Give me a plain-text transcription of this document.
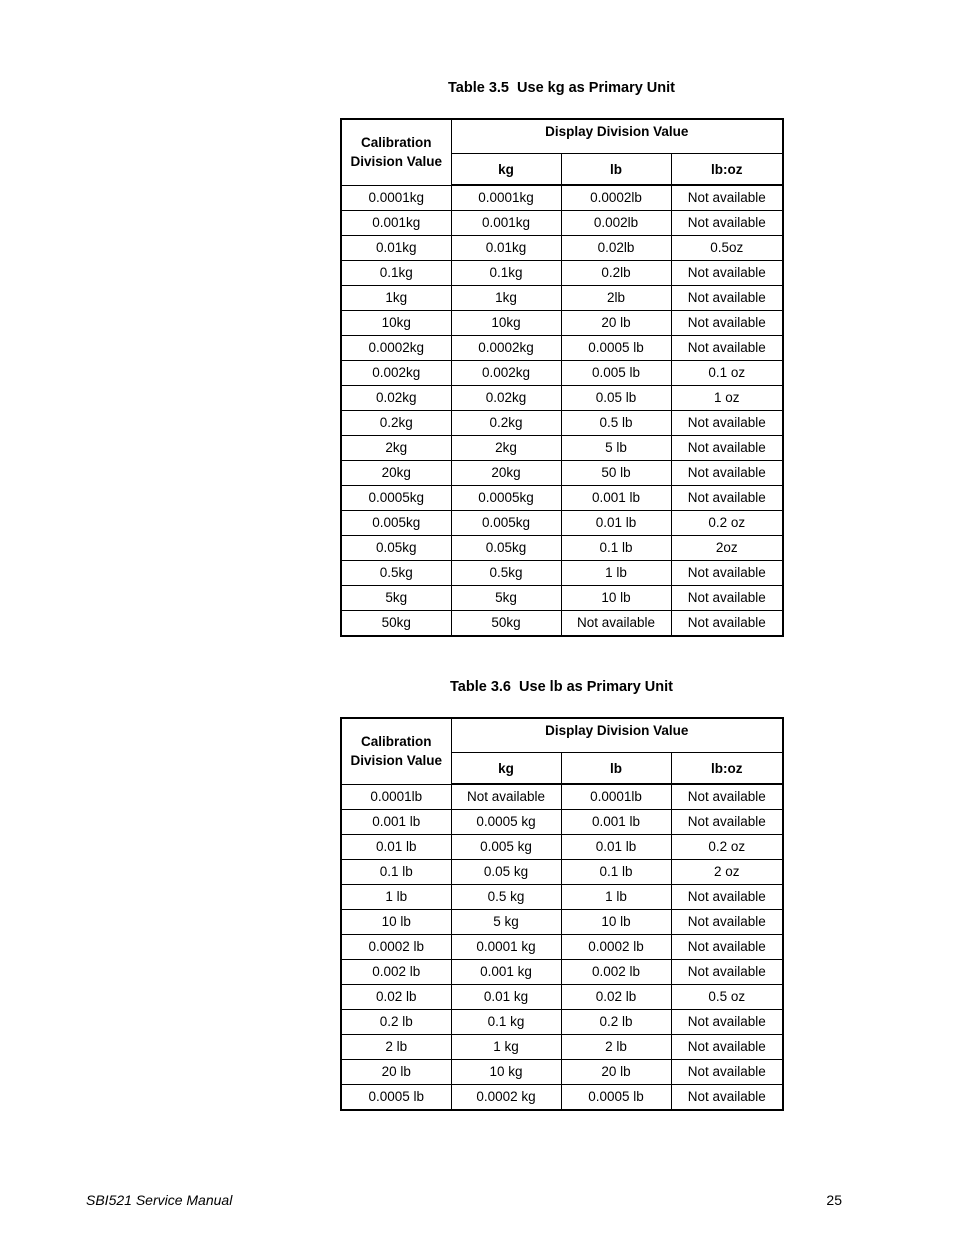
Table 3.5  Use kg as Primary Unit
Calibration
Division Value	Display Division Value		
	kg	lb	lb:oz
0.0001kg	0.0001kg	0.0002lb	Not available
0.001kg	0.001kg	0.002lb	Not available
0.01kg	0.01kg	0.02lb	0.5oz
0.1kg	0.1kg	0.2lb	Not available
1kg	1kg	2lb	Not available
10kg	10kg	20 lb	Not available
0.0002kg	0.0002kg	0.0005 lb	Not available
0.002kg	0.002kg	0.005 lb	0.1 oz
0.02kg	0.02kg	0.05 lb	1 oz
0.2kg	0.2kg	0.5 lb	Not available
2kg	2kg	5 lb	Not available
20kg	20kg	50 lb	Not available
0.0005kg	0.0005kg	0.001 lb	Not available
0.005kg	0.005kg	0.01 lb	0.2 oz
0.05kg	0.05kg	0.1 lb	2oz
0.5kg	0.5kg	1 lb	Not available
5kg	5kg	10 lb	Not available
50kg	50kg	Not available	Not available
Table 3.6  Use lb as Primary Unit
Calibration
Division Value	Display Division Value		
	kg	lb	lb:oz
0.0001lb	Not available	0.0001lb	Not available
0.001 lb	0.0005 kg	0.001 lb	Not available
0.01 lb	0.005 kg	0.01 lb	0.2 oz
0.1 lb	0.05 kg	0.1 lb	2 oz
1 lb	0.5 kg	1 lb	Not available
10 lb	5 kg	10 lb	Not available
0.0002 lb	0.0001 kg	0.0002 lb	Not available
0.002 lb	0.001 kg	0.002 lb	Not available
0.02 lb	0.01 kg	0.02 lb	0.5 oz
0.2 lb	0.1 kg	0.2 lb	Not available
2 lb	1 kg	2 lb	Not available
20 lb	10 kg	20 lb	Not available
0.0005 lb	0.0002 kg	0.0005 lb	Not available
SBI521 Service Manual	25
